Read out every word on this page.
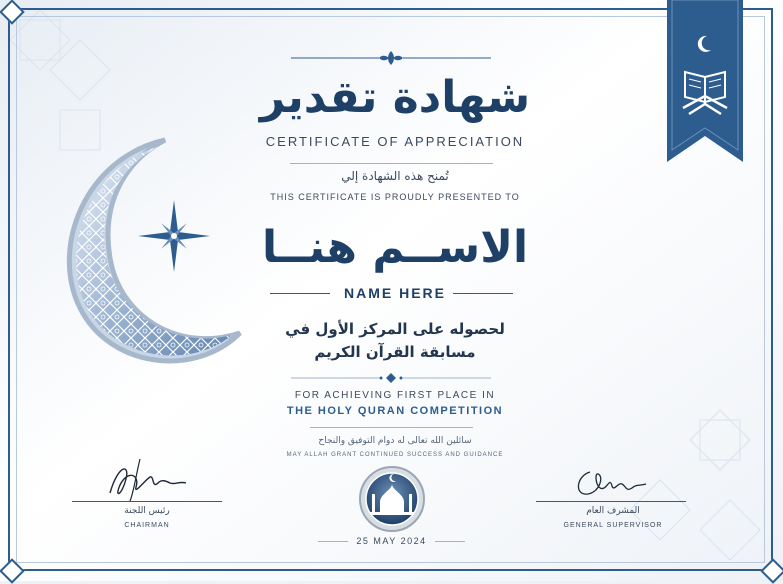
شهادة تقدير
CERTIFICATE OF APPRECIATION
تُمنح هذه الشهادة إلي
THIS CERTIFICATE IS PROUDLY PRESENTED TO
الاســم هنــا
NAME HERE
لحصوله على المركز الأول في
مسابقة القرآن الكريم
FOR ACHIEVING FIRST PLACE IN
THE HOLY QURAN COMPETITION
سائلين الله تعالى له دوام التوفيق والنجاح
MAY ALLAH GRANT CONTINUED SUCCESS AND GUIDANCE
رئيس اللجنة
CHAIRMAN
المشرف العام
GENERAL SUPERVISOR
25 MAY 2024
